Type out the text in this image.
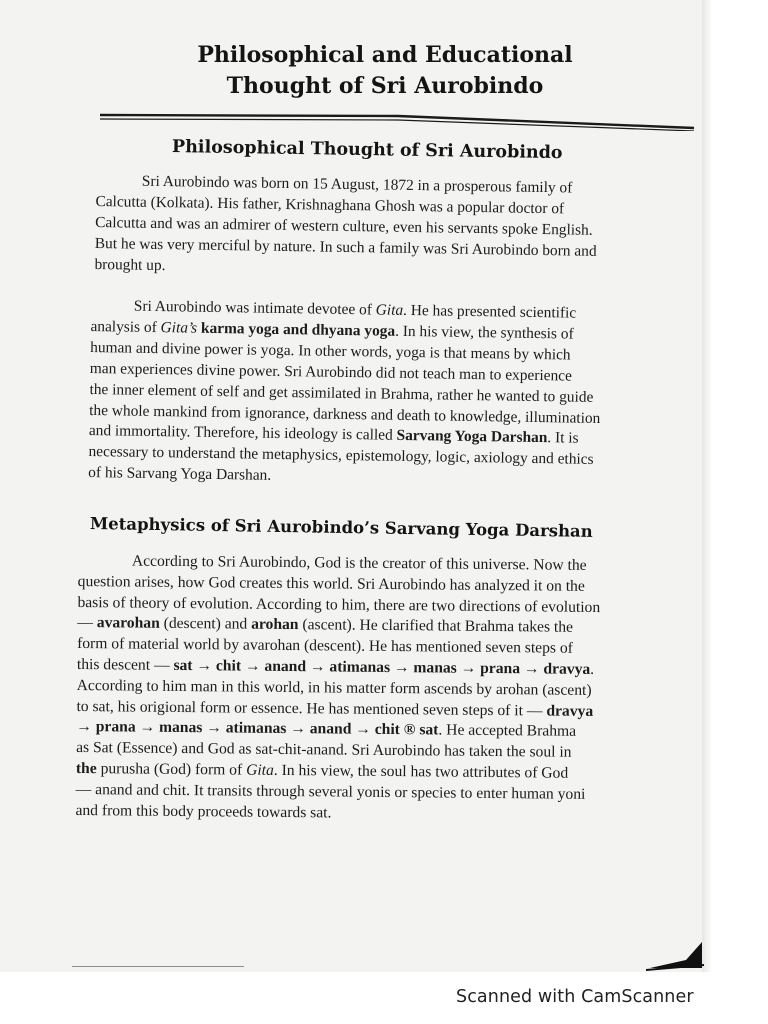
Philosophical and Educational
Thought of Sri Aurobindo
Philosophical Thought of Sri Aurobindo
Sri Aurobindo was born on 15 August, 1872 in a prosperous family of
Calcutta (Kolkata). His father, Krishnaghana Ghosh was a popular doctor of
Calcutta and was an admirer of western culture, even his servants spoke English.
But he was very merciful by nature. In such a family was Sri Aurobindo born and
brought up.
Sri Aurobindo was intimate devotee of Gita. He has presented scientific
analysis of Gita’s karma yoga and dhyana yoga. In his view, the synthesis of
human and divine power is yoga. In other words, yoga is that means by which
man experiences divine power. Sri Aurobindo did not teach man to experience
the inner element of self and get assimilated in Brahma, rather he wanted to guide
the whole mankind from ignorance, darkness and death to knowledge, illumination
and immortality. Therefore, his ideology is called Sarvang Yoga Darshan. It is
necessary to understand the metaphysics, epistemology, logic, axiology and ethics
of his Sarvang Yoga Darshan.
Metaphysics of Sri Aurobindo’s Sarvang Yoga Darshan
According to Sri Aurobindo, God is the creator of this universe. Now the
question arises, how God creates this world. Sri Aurobindo has analyzed it on the
basis of theory of evolution. According to him, there are two directions of evolution
— avarohan (descent) and arohan (ascent). He clarified that Brahma takes the
form of material world by avarohan (descent). He has mentioned seven steps of
this descent — sat → chit → anand → atimanas → manas → prana → dravya.
According to him man in this world, in his matter form ascends by arohan (ascent)
to sat, his origional form or essence. He has mentioned seven steps of it — dravya
→ prana → manas → atimanas → anand → chit ® sat. He accepted Brahma
as Sat (Essence) and God as sat-chit-anand. Sri Aurobindo has taken the soul in
the purusha (God) form of Gita. In his view, the soul has two attributes of God
— anand and chit. It transits through several yonis or species to enter human yoni
and from this body proceeds towards sat.

Scanned with CamScanner
